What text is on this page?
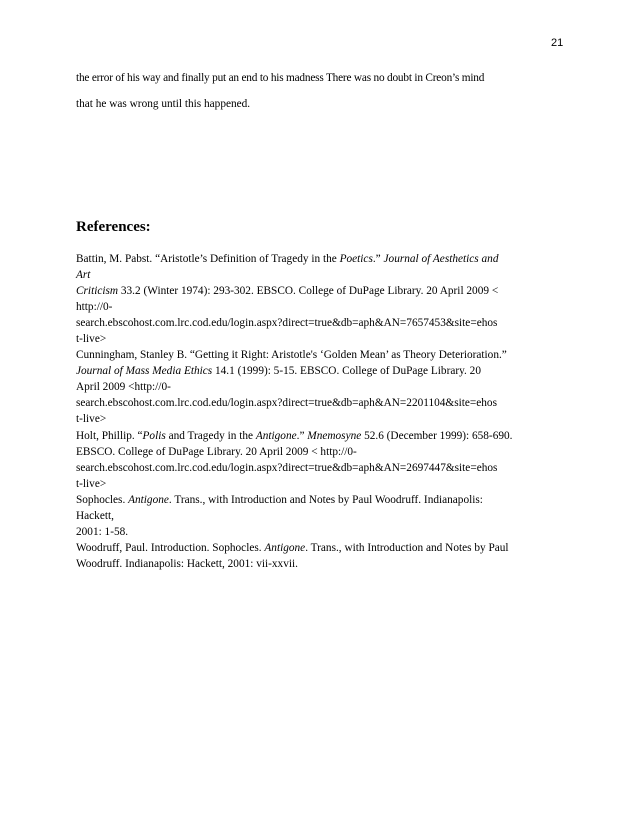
21

the error of his way and finally put an end to his madness There was no doubt in Creon’s mind

that he was wrong until this happened.

References:
Battin, M. Pabst. “Aristotle’s Definition of Tragedy in the Poetics.” Journal of Aesthetics and
Art
Criticism 33.2 (Winter 1974): 293-302. EBSCO. College of DuPage Library. 20 April 2009 <
http://0-
search.ebscohost.com.lrc.cod.edu/login.aspx?direct=true&db=aph&AN=7657453&site=ehos
t-live>
Cunningham, Stanley B. “Getting it Right: Aristotle's ‘Golden Mean’ as Theory Deterioration.”
Journal of Mass Media Ethics 14.1 (1999): 5-15. EBSCO. College of DuPage Library. 20
April 2009 <http://0-
search.ebscohost.com.lrc.cod.edu/login.aspx?direct=true&db=aph&AN=2201104&site=ehos
t-live>
Holt, Phillip. “Polis and Tragedy in the Antigone.” Mnemosyne 52.6 (December 1999): 658-690.
EBSCO. College of DuPage Library. 20 April 2009 < http://0-
search.ebscohost.com.lrc.cod.edu/login.aspx?direct=true&db=aph&AN=2697447&site=ehos
t-live>
Sophocles. Antigone. Trans., with Introduction and Notes by Paul Woodruff. Indianapolis:
Hackett,
2001: 1-58.
Woodruff, Paul. Introduction. Sophocles. Antigone. Trans., with Introduction and Notes by Paul
Woodruff. Indianapolis: Hackett, 2001: vii-xxvii.
